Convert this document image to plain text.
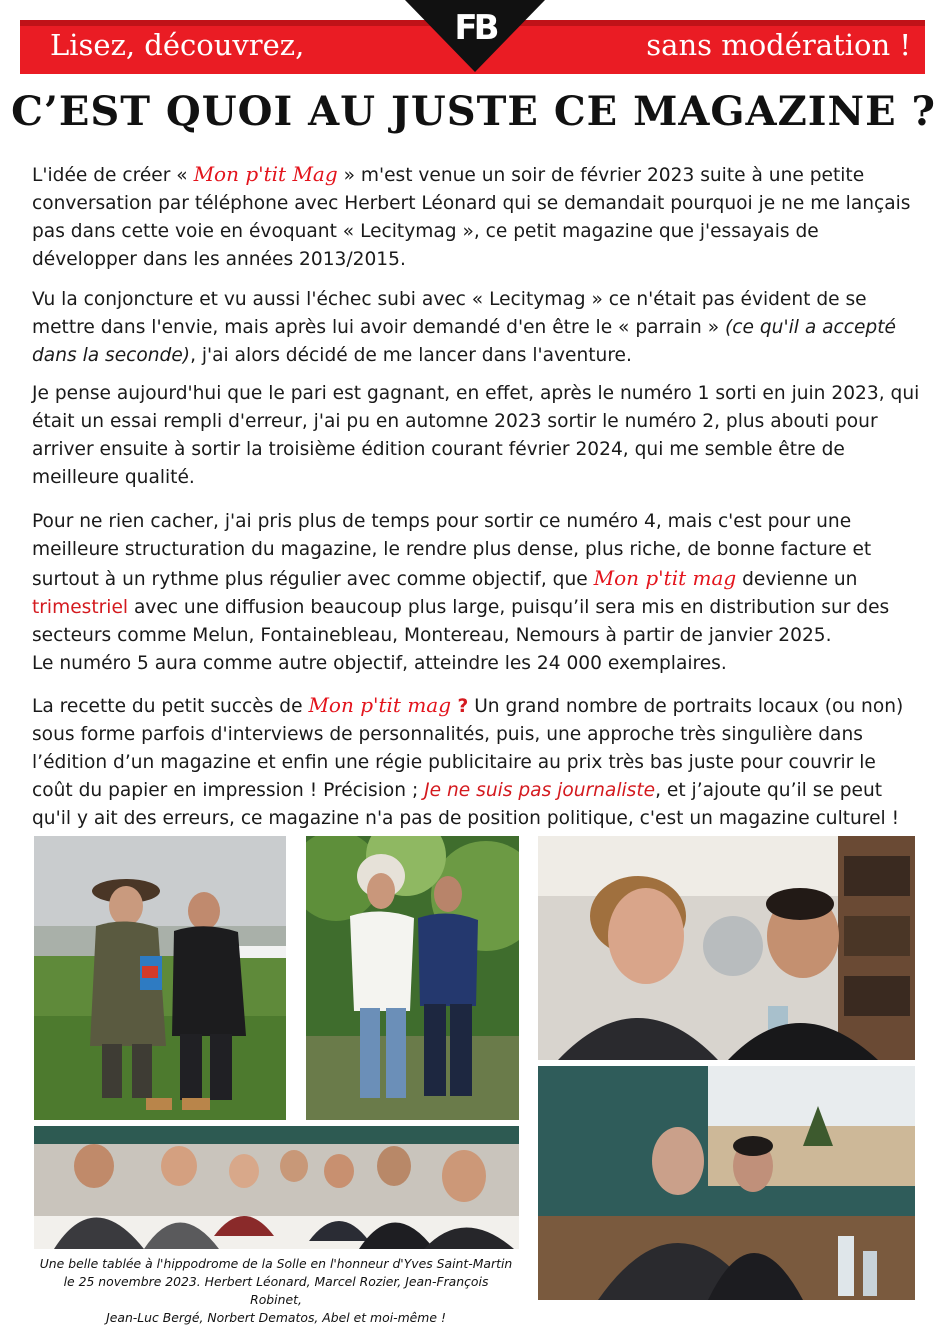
Lisez, découvrez,	sans modération !
FB
C’EST QUOI AU JUSTE CE MAGAZINE ?

L'idée de créer « Mon p'tit Mag » m'est venue un soir de février 2023 suite à une petite conversation par téléphone avec Herbert Léonard qui se demandait pourquoi je ne me lançais pas dans cette voie en évoquant « Lecitymag », ce petit magazine que j'essayais de développer dans les années 2013/2015.

Vu la conjoncture et vu aussi l'échec subi avec « Lecitymag » ce n'était pas évident de se mettre dans l'envie, mais après lui avoir demandé d'en être le « parrain » (ce qu'il a accepté dans la seconde), j'ai alors décidé de me lancer dans l'aventure.

Je pense aujourd'hui que le pari est gagnant, en effet, après le numéro 1 sorti en juin 2023, qui était un essai rempli d'erreur, j'ai pu en automne 2023 sortir le numéro 2, plus abouti pour arriver ensuite à sortir la troisième édition courant février 2024, qui me semble être de meilleure qualité.

Pour ne rien cacher, j'ai pris plus de temps pour sortir ce numéro 4, mais c'est pour une meilleure structuration du magazine, le rendre plus dense, plus riche, de bonne facture et surtout à un rythme plus régulier avec comme objectif, que Mon p'tit mag devienne un trimestriel avec une diffusion beaucoup plus large, puisqu’il sera mis en distribution sur des secteurs comme Melun, Fontainebleau, Montereau, Nemours à partir de janvier 2025.
Le numéro 5 aura comme autre objectif, atteindre les 24 000 exemplaires.

La recette du petit succès de Mon p'tit mag ? Un grand nombre de portraits locaux (ou non) sous forme parfois d'interviews de personnalités, puis, une approche très singulière dans l’édition d’un magazine et enfin une régie publicitaire au prix très bas juste pour couvrir le coût du papier en impression ! Précision ; Je ne suis pas journaliste, et j’ajoute qu’il se peut qu'il y ait des erreurs, ce magazine n'a pas de position politique, c'est un magazine culturel !

Une belle tablée à l'hippodrome de la Solle en l'honneur d'Yves Saint-Martin
le 25 novembre 2023. Herbert Léonard, Marcel Rozier, Jean-François Robinet,
Jean-Luc Bergé, Norbert Dematos, Abel et moi-même !
